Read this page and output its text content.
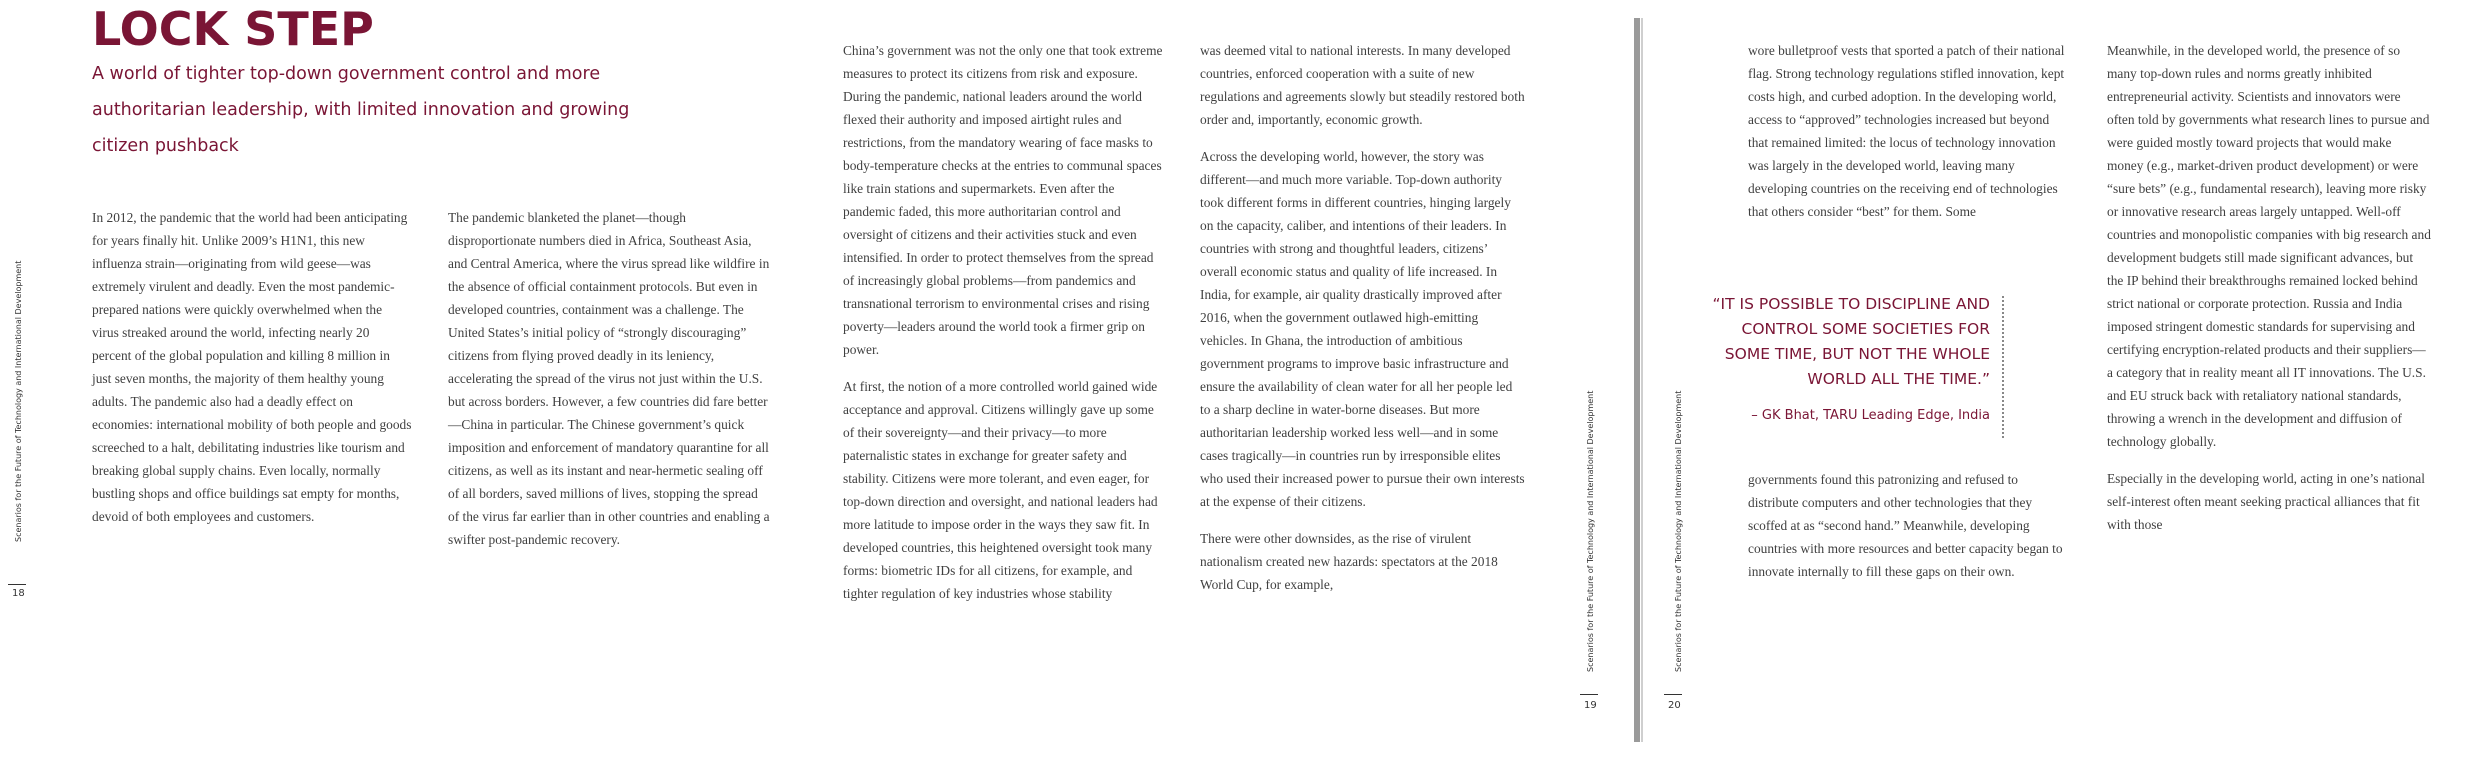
LOCK STEP
A world of tighter top-down government control and more authoritarian leadership, with limited innovation and growing citizen pushback
Scenarios for the Future of Technology and International Development
18

In 2012, the pandemic that the world had been anticipating for years finally hit. Unlike 2009’s H1N1, this new influenza strain—originating from wild geese—was extremely virulent and deadly. Even the most pandemic-prepared nations were quickly overwhelmed when the virus streaked around the world, infecting nearly 20 percent of the global population and killing 8 million in just seven months, the majority of them healthy young adults. The pandemic also had a deadly effect on economies: international mobility of both people and goods screeched to a halt, debilitating industries like tourism and breaking global supply chains. Even locally, normally bustling shops and office buildings sat empty for months, devoid of both employees and customers.

The pandemic blanketed the planet—though disproportionate numbers died in Africa, Southeast Asia, and Central America, where the virus spread like wildfire in the absence of official containment protocols. But even in developed countries, containment was a challenge. The United States’s initial policy of “strongly discouraging” citizens from flying proved deadly in its leniency, accelerating the spread of the virus not just within the U.S. but across borders. However, a few countries did fare better—China in particular. The Chinese government’s quick imposition and enforcement of mandatory quarantine for all citizens, as well as its instant and near-hermetic sealing off of all borders, saved millions of lives, stopping the spread of the virus far earlier than in other countries and enabling a swifter post-pandemic recovery.

China’s government was not the only one that took extreme measures to protect its citizens from risk and exposure. During the pandemic, national leaders around the world flexed their authority and imposed airtight rules and restrictions, from the mandatory wearing of face masks to body-temperature checks at the entries to communal spaces like train stations and supermarkets. Even after the pandemic faded, this more authoritarian control and oversight of citizens and their activities stuck and even intensified. In order to protect themselves from the spread of increasingly global problems—from pandemics and transnational terrorism to environmental crises and rising poverty—leaders around the world took a firmer grip on power.

At first, the notion of a more controlled world gained wide acceptance and approval. Citizens willingly gave up some of their sovereignty—and their privacy—to more paternalistic states in exchange for greater safety and stability. Citizens were more tolerant, and even eager, for top-down direction and oversight, and national leaders had more latitude to impose order in the ways they saw fit. In developed countries, this heightened oversight took many forms: biometric IDs for all citizens, for example, and tighter regulation of key industries whose stability

was deemed vital to national interests. In many developed countries, enforced cooperation with a suite of new regulations and agreements slowly but steadily restored both order and, importantly, economic growth.

Across the developing world, however, the story was different—and much more variable. Top-down authority took different forms in different countries, hinging largely on the capacity, caliber, and intentions of their leaders. In countries with strong and thoughtful leaders, citizens’ overall economic status and quality of life increased. In India, for example, air quality drastically improved after 2016, when the government outlawed high-emitting vehicles. In Ghana, the introduction of ambitious government programs to improve basic infrastructure and ensure the availability of clean water for all her people led to a sharp decline in water-borne diseases. But more authoritarian leadership worked less well—and in some cases tragically—in countries run by irresponsible elites who used their increased power to pursue their own interests at the expense of their citizens.

There were other downsides, as the rise of virulent nationalism created new hazards: spectators at the 2018 World Cup, for example,	Scenarios for the Future of Technology and International Development
19
Scenarios for the Future of Technology and International Development
20

wore bulletproof vests that sported a patch of their national flag. Strong technology regulations stifled innovation, kept costs high, and curbed adoption. In the developing world, access to “approved” technologies increased but beyond that remained limited: the locus of technology innovation was largely in the developed world, leaving many developing countries on the receiving end of technologies that others consider “best” for them. Some

“IT IS POSSIBLE TO DISCIPLINE AND CONTROL SOME SOCIETIES FOR SOME TIME, BUT NOT THE WHOLE WORLD ALL THE TIME.”
– GK Bhat, TARU Leading Edge, India

governments found this patronizing and refused to distribute computers and other technologies that they scoffed at as “second hand.” Meanwhile, developing countries with more resources and better capacity began to innovate internally to fill these gaps on their own.

Meanwhile, in the developed world, the presence of so many top-down rules and norms greatly inhibited entrepreneurial activity. Scientists and innovators were often told by governments what research lines to pursue and were guided mostly toward projects that would make money (e.g., market-driven product development) or were “sure bets” (e.g., fundamental research), leaving more risky or innovative research areas largely untapped. Well-off countries and monopolistic companies with big research and development budgets still made significant advances, but the IP behind their breakthroughs remained locked behind strict national or corporate protection. Russia and India imposed stringent domestic standards for supervising and certifying encryption-related products and their suppliers—a category that in reality meant all IT innovations. The U.S. and EU struck back with retaliatory national standards, throwing a wrench in the development and diffusion of technology globally.

Especially in the developing world, acting in one’s national self-interest often meant seeking practical alliances that fit with those
